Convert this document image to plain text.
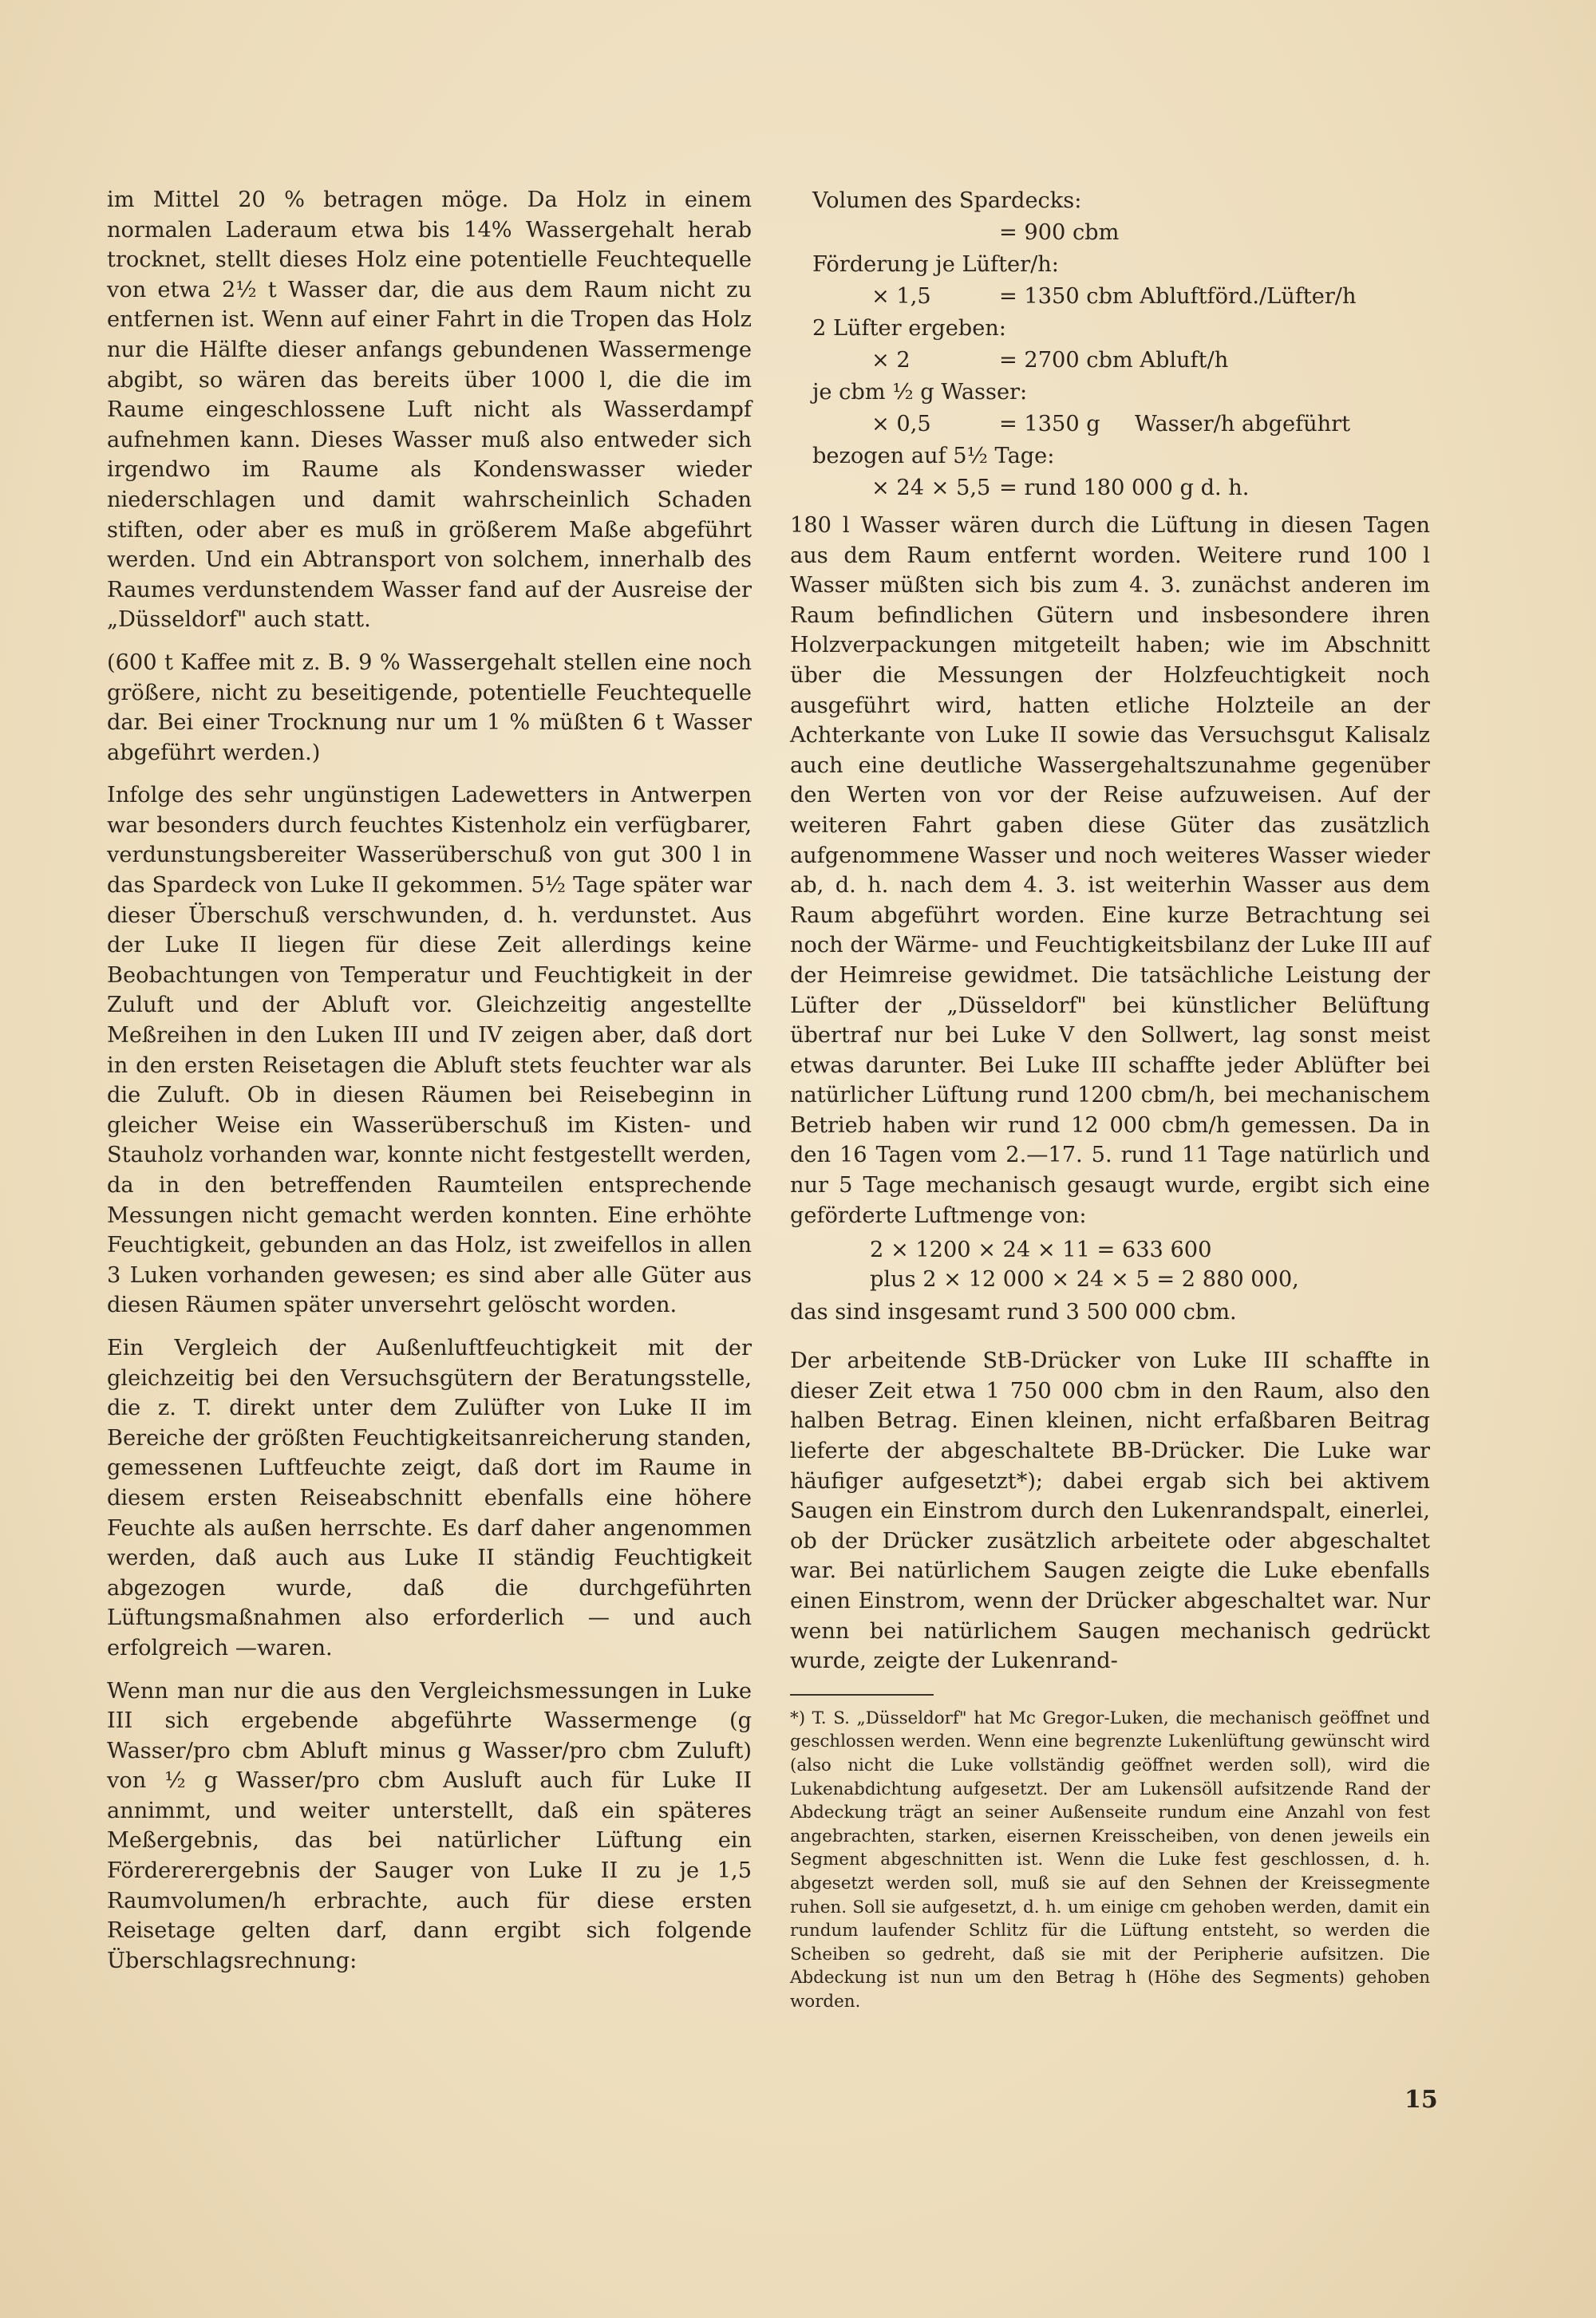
im Mittel 20 % betragen möge. Da Holz in einem normalen Laderaum etwa bis 14% Wassergehalt herab trocknet, stellt dieses Holz eine potentielle Feuchtequelle von etwa 2½ t Wasser dar, die aus dem Raum nicht zu entfernen ist. Wenn auf einer Fahrt in die Tropen das Holz nur die Hälfte dieser anfangs gebundenen Wassermenge abgibt, so wären das bereits über 1000 l, die die im Raume eingeschlossene Luft nicht als Wasserdampf aufnehmen kann. Dieses Wasser muß also entweder sich irgendwo im Raume als Kondenswasser wieder niederschlagen und damit wahrscheinlich Schaden stiften, oder aber es muß in größerem Maße abgeführt werden. Und ein Abtransport von solchem, innerhalb des Raumes verdunstendem Wasser fand auf der Ausreise der „Düsseldorf" auch statt.

(600 t Kaffee mit z. B. 9 % Wassergehalt stellen eine noch größere, nicht zu beseitigende, potentielle Feuchtequelle dar. Bei einer Trocknung nur um 1 % müßten 6 t Wasser abgeführt werden.)

Infolge des sehr ungünstigen Ladewetters in Antwerpen war besonders durch feuchtes Kistenholz ein verfügbarer, verdunstungsbereiter Wasserüberschuß von gut 300 l in das Spardeck von Luke II gekommen. 5½ Tage später war dieser Überschuß verschwunden, d. h. verdunstet. Aus der Luke II liegen für diese Zeit allerdings keine Beobachtungen von Temperatur und Feuchtigkeit in der Zuluft und der Abluft vor. Gleichzeitig angestellte Meßreihen in den Luken III und IV zeigen aber, daß dort in den ersten Reisetagen die Abluft stets feuchter war als die Zuluft. Ob in diesen Räumen bei Reisebeginn in gleicher Weise ein Wasserüberschuß im Kisten- und Stauholz vorhanden war, konnte nicht festgestellt werden, da in den betreffenden Raumteilen entsprechende Messungen nicht gemacht werden konnten. Eine erhöhte Feuchtigkeit, gebunden an das Holz, ist zweifellos in allen 3 Luken vorhanden gewesen; es sind aber alle Güter aus diesen Räumen später unversehrt gelöscht worden.

Ein Vergleich der Außenluftfeuchtigkeit mit der gleichzeitig bei den Versuchsgütern der Beratungsstelle, die z. T. direkt unter dem Zulüfter von Luke II im Bereiche der größten Feuchtigkeitsanreicherung standen, gemessenen Luftfeuchte zeigt, daß dort im Raume in diesem ersten Reiseabschnitt ebenfalls eine höhere Feuchte als außen herrschte. Es darf daher angenommen werden, daß auch aus Luke II ständig Feuchtigkeit abgezogen wurde, daß die durchgeführten Lüftungsmaßnahmen also erforderlich — und auch erfolgreich —waren.

Wenn man nur die aus den Vergleichsmessungen in Luke III sich ergebende abgeführte Wassermenge (g Wasser/pro cbm Abluft minus g Wasser/pro cbm Zuluft) von ½ g Wasser/pro cbm Ausluft auch für Luke II annimmt, und weiter unterstellt, daß ein späteres Meßergebnis, das bei natürlicher Lüftung ein Fördererergebnis der Sauger von Luke II zu je 1,5 Raumvolumen/h erbrachte, auch für diese ersten Reisetage gelten darf, dann ergibt sich folgende Überschlagsrechnung:

Volumen des Spardecks:
= 900 cbm
Förderung je Lüfter/h:
× 1,5	= 1350 cbm Abluftförd./Lüfter/h
2 Lüfter ergeben:
× 2	= 2700 cbm Abluft/h
je cbm ½ g Wasser:
× 0,5	= 1350 g     Wasser/h abgeführt
bezogen auf 5½ Tage:
× 24 × 5,5 = rund 180 000 g d. h.

180 l Wasser wären durch die Lüftung in diesen Tagen aus dem Raum entfernt worden. Weitere rund 100 l Wasser müßten sich bis zum 4. 3. zunächst anderen im Raum befindlichen Gütern und insbesondere ihren Holzverpackungen mitgeteilt haben; wie im Abschnitt über die Messungen der Holzfeuchtigkeit noch ausgeführt wird, hatten etliche Holzteile an der Achterkante von Luke II sowie das Versuchsgut Kalisalz auch eine deutliche Wassergehaltszunahme gegenüber den Werten von vor der Reise aufzuweisen. Auf der weiteren Fahrt gaben diese Güter das zusätzlich aufgenommene Wasser und noch weiteres Wasser wieder ab, d. h. nach dem 4. 3. ist weiterhin Wasser aus dem Raum abgeführt worden. Eine kurze Betrachtung sei noch der Wärme- und Feuchtigkeitsbilanz der Luke III auf der Heimreise gewidmet. Die tatsächliche Leistung der Lüfter der „Düsseldorf" bei künstlicher Belüftung übertraf nur bei Luke V den Sollwert, lag sonst meist etwas darunter. Bei Luke III schaffte jeder Ablüfter bei natürlicher Lüftung rund 1200 cbm/h, bei mechanischem Betrieb haben wir rund 12 000 cbm/h gemessen. Da in den 16 Tagen vom 2.—17. 5. rund 11 Tage natürlich und nur 5 Tage mechanisch gesaugt wurde, ergibt sich eine geförderte Luftmenge von:

2 × 1200 × 24 × 11 = 633 600
plus 2 × 12 000 × 24 × 5 = 2 880 000,
das sind insgesamt rund 3 500 000 cbm.

Der arbeitende StB-Drücker von Luke III schaffte in dieser Zeit etwa 1 750 000 cbm in den Raum, also den halben Betrag. Einen kleinen, nicht erfaßbaren Beitrag lieferte der abgeschaltete BB-Drücker. Die Luke war häufiger aufgesetzt*); dabei ergab sich bei aktivem Saugen ein Einstrom durch den Lukenrandspalt, einerlei, ob der Drücker zusätzlich arbeitete oder abgeschaltet war. Bei natürlichem Saugen zeigte die Luke ebenfalls einen Einstrom, wenn der Drücker abgeschaltet war. Nur wenn bei natürlichem Saugen mechanisch gedrückt wurde, zeigte der Lukenrand-

*) T. S. „Düsseldorf" hat Mc Gregor-Luken, die mechanisch geöffnet und geschlossen werden. Wenn eine begrenzte Lukenlüftung gewünscht wird (also nicht die Luke vollständig geöffnet werden soll), wird die Lukenabdichtung aufgesetzt. Der am Lukensöll aufsitzende Rand der Abdeckung trägt an seiner Außenseite rundum eine Anzahl von fest angebrachten, starken, eisernen Kreisscheiben, von denen jeweils ein Segment abgeschnitten ist. Wenn die Luke fest geschlossen, d. h. abgesetzt werden soll, muß sie auf den Sehnen der Kreissegmente ruhen. Soll sie aufgesetzt, d. h. um einige cm gehoben werden, damit ein rundum laufender Schlitz für die Lüftung entsteht, so werden die Scheiben so gedreht, daß sie mit der Peripherie aufsitzen. Die Abdeckung ist nun um den Betrag h (Höhe des Segments) gehoben worden.

15
